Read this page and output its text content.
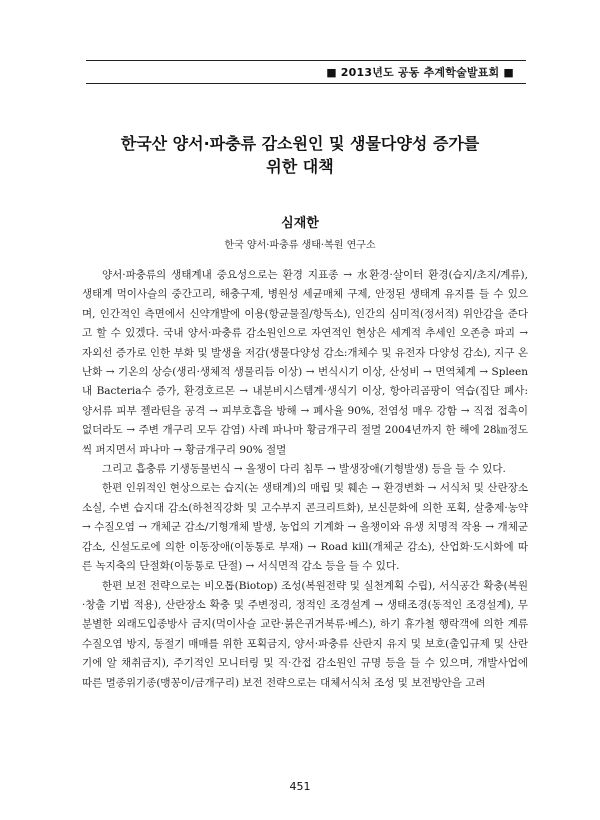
■ 2013년도 공동 추계학술발표회 ■
한국산 양서·파충류 감소원인 및 생물다양성 증가를
위한 대책
심재한
한국 양서·파충류 생태·복원 연구소

양서·파충류의 생태계내 중요성으로는 환경 지표종 → 水환경·살이터 환경(습지/초지/계류), 생태계 먹이사슬의 중간고리, 해충구제, 병원성 세균매체 구제, 안정된 생태계 유지를 들 수 있으며, 인간적인 측면에서 신약개발에 이용(항균물질/항독소), 인간의 심미적(정서적) 위안감을 준다고 할 수 있겠다. 국내 양서·파충류 감소원인으로 자연적인 현상은 세계적 추세인 오존층 파괴 → 자외선 증가로 인한 부화 및 발생율 저감(생물다양성 감소:개체수 및 유전자 다양성 감소), 지구 온난화 → 기온의 상승(생리·생체적 생물리듬 이상) → 번식시기 이상, 산성비 → 면역체계 → Spleen내 Bacteria수 증가, 환경호르몬 → 내분비시스템계·생식기 이상, 항아리곰팡이 역습(집단 폐사:양서류 피부 젤라틴을 공격 → 피부호흡을 방해 → 폐사율 90%, 전염성 매우 강함 → 직접 접촉이 없더라도 → 주변 개구리 모두 감염) 사례 파나마 황금개구리 절멸 2004년까지 한 해에 28㎞정도씩 퍼지면서 파나마 → 황금개구리 90% 절멸

그리고 흡충류 기생동물번식 → 올챙이 다리 침투 → 발생장애(기형발생) 등을 들 수 있다.

한편 인위적인 현상으로는 습지(논 생태계)의 매립 및 훼손 → 환경변화 → 서식처 및 산란장소 소실, 수변 습지대 감소(하천직강화 및 고수부지 콘크리트화), 보신문화에 의한 포획, 살충제·농약 → 수질오염 → 개체군 감소/기형개체 발생, 농업의 기계화 → 올챙이와 유생 치명적 작용 → 개체군 감소, 신설도로에 의한 이동장애(이동통로 부재) → Road kill(개체군 감소), 산업화·도시화에 따른 녹지축의 단절화(이동통로 단절) → 서식면적 감소 등을 들 수 있다.

한편 보전 전략으로는 비오톱(Biotop) 조성(복원전략 및 실천계획 수립), 서식공간 확충(복원·창출 기법 적용), 산란장소 확충 및 주변정리, 정적인 조경설계 → 생태조경(동적인 조경설계), 무분별한 외래도입종방사 금지(먹이사슬 교란·붉은귀거북류·베스), 하기 휴가철 행락객에 의한 계류 수질오염 방지, 동절기 매매를 위한 포획금지, 양서·파충류 산란지 유지 및 보호(출입규제 및 산란기에 알 채취금지), 주기적인 모니터링 및 직·간접 감소원인 규명 등을 들 수 있으며, 개발사업에 따른 멸종위기종(맹꽁이/금개구리) 보전 전략으로는 대체서식처 조성 및 보전방안을 고려

451
